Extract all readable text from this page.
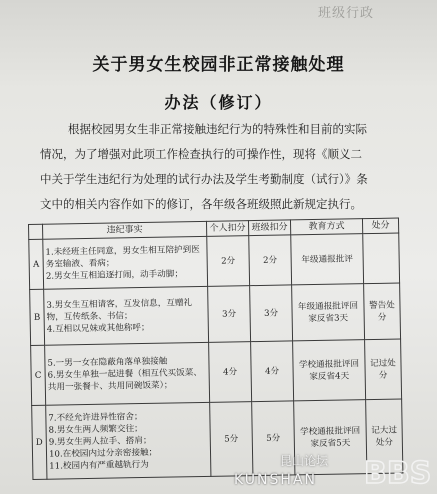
班级行政
关于男女生校园非正常接触处理
办法（修订）
根据校园男女生非正常接触违纪行为的特殊性和目前的实际
情况，为了增强对此项工作检查执行的可操作性，现将《顺义二
中关于学生违纪行为处理的试行办法及学生考勤制度（试行）》条
文中的相关内容作如下的修订，各年级各班级照此新规定执行。
	违纪事实	个人扣分	班级扣分	教育方式	处分
A	1.未经班主任同意，男女生相互陪护到医务室输液、看病；
2.男女生互相追逐打闹，动手动脚；	2分	2分	年级通报批评	
B	3.男女生互相请客，互发信息，互赠礼物，互传纸条、书信；
4.互相以兄妹或其他称呼；	3分	3分	年级通报批评回家反省3天	警告处分
C	5.一男一女在隐蔽角落单独接触
6.男女生单独一起进餐（相互代买饭菜、共用一张餐卡、共用同碗饭菜）；	4分	4分	学校通报批评回家反省4天	记过处分
D	7.不经允许进异性宿舍；
8.男女生两人频繁交往；
9.男女生两人拉手、搭肩；
10.在校园内过分亲密接触；
11.校园内有严重越轨行为	5分	5分	学校通报批评回家反省5天	记大过处分
昆山论坛
KUNSHAN BBS
